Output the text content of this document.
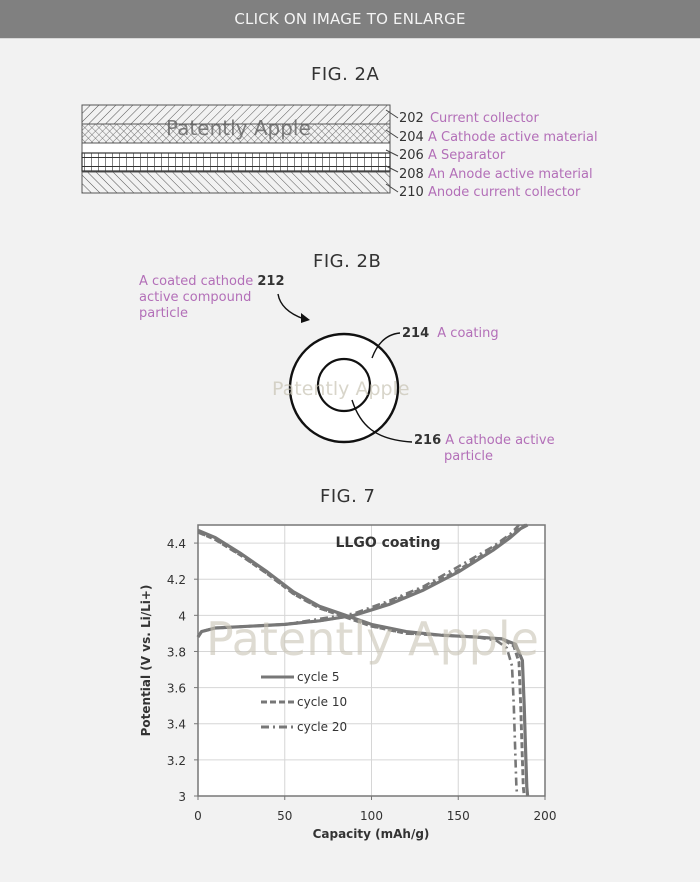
CLICK ON IMAGE TO ENLARGE
FIG. 2A
202 Current collector
204 A Cathode active material
206 A Separator
208 An Anode active material
210 Anode current collector
Patently Apple
FIG. 2B
A coated cathode 212
active compound
particle
214 A coating
216 A cathode active
particle
Patently Apple
FIG. 7
3
3.2
3.4
3.6
3.8
4
4.2
4.4
0	50	100	150	200
LLGO coating
cycle 5
cycle 10
cycle 20
Capacity (mAh/g)
Potential (V vs. Li/Li+) Patently Apple
